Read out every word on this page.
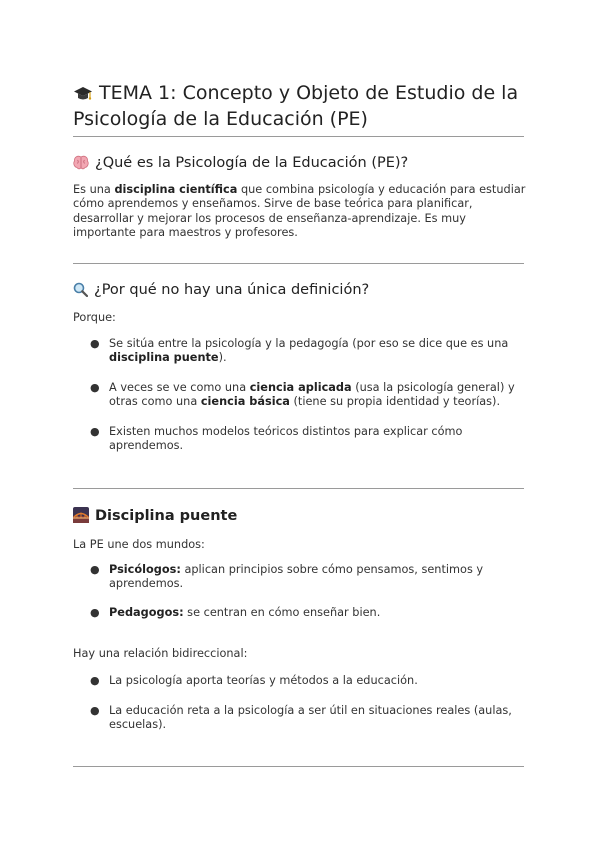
TEMA 1: Concepto y Objeto de Estudio de la Psicología de la Educación (PE)
¿Qué es la Psicología de la Educación (PE)?

Es una disciplina científica que combina psicología y educación para estudiar cómo aprendemos y enseñamos. Sirve de base teórica para planificar, desarrollar y mejorar los procesos de enseñanza-aprendizaje. Es muy importante para maestros y profesores.

¿Por qué no hay una única definición?

Porque:

● Se sitúa entre la psicología y la pedagogía (por eso se dice que es una disciplina puente).
● A veces se ve como una ciencia aplicada (usa la psicología general) y otras como una ciencia básica (tiene su propia identidad y teorías).
● Existen muchos modelos teóricos distintos para explicar cómo aprendemos.
Disciplina puente

La PE une dos mundos:

● Psicólogos: aplican principios sobre cómo pensamos, sentimos y aprendemos.
● Pedagogos: se centran en cómo enseñar bien.

Hay una relación bidireccional:

● La psicología aporta teorías y métodos a la educación.
● La educación reta a la psicología a ser útil en situaciones reales (aulas, escuelas).
